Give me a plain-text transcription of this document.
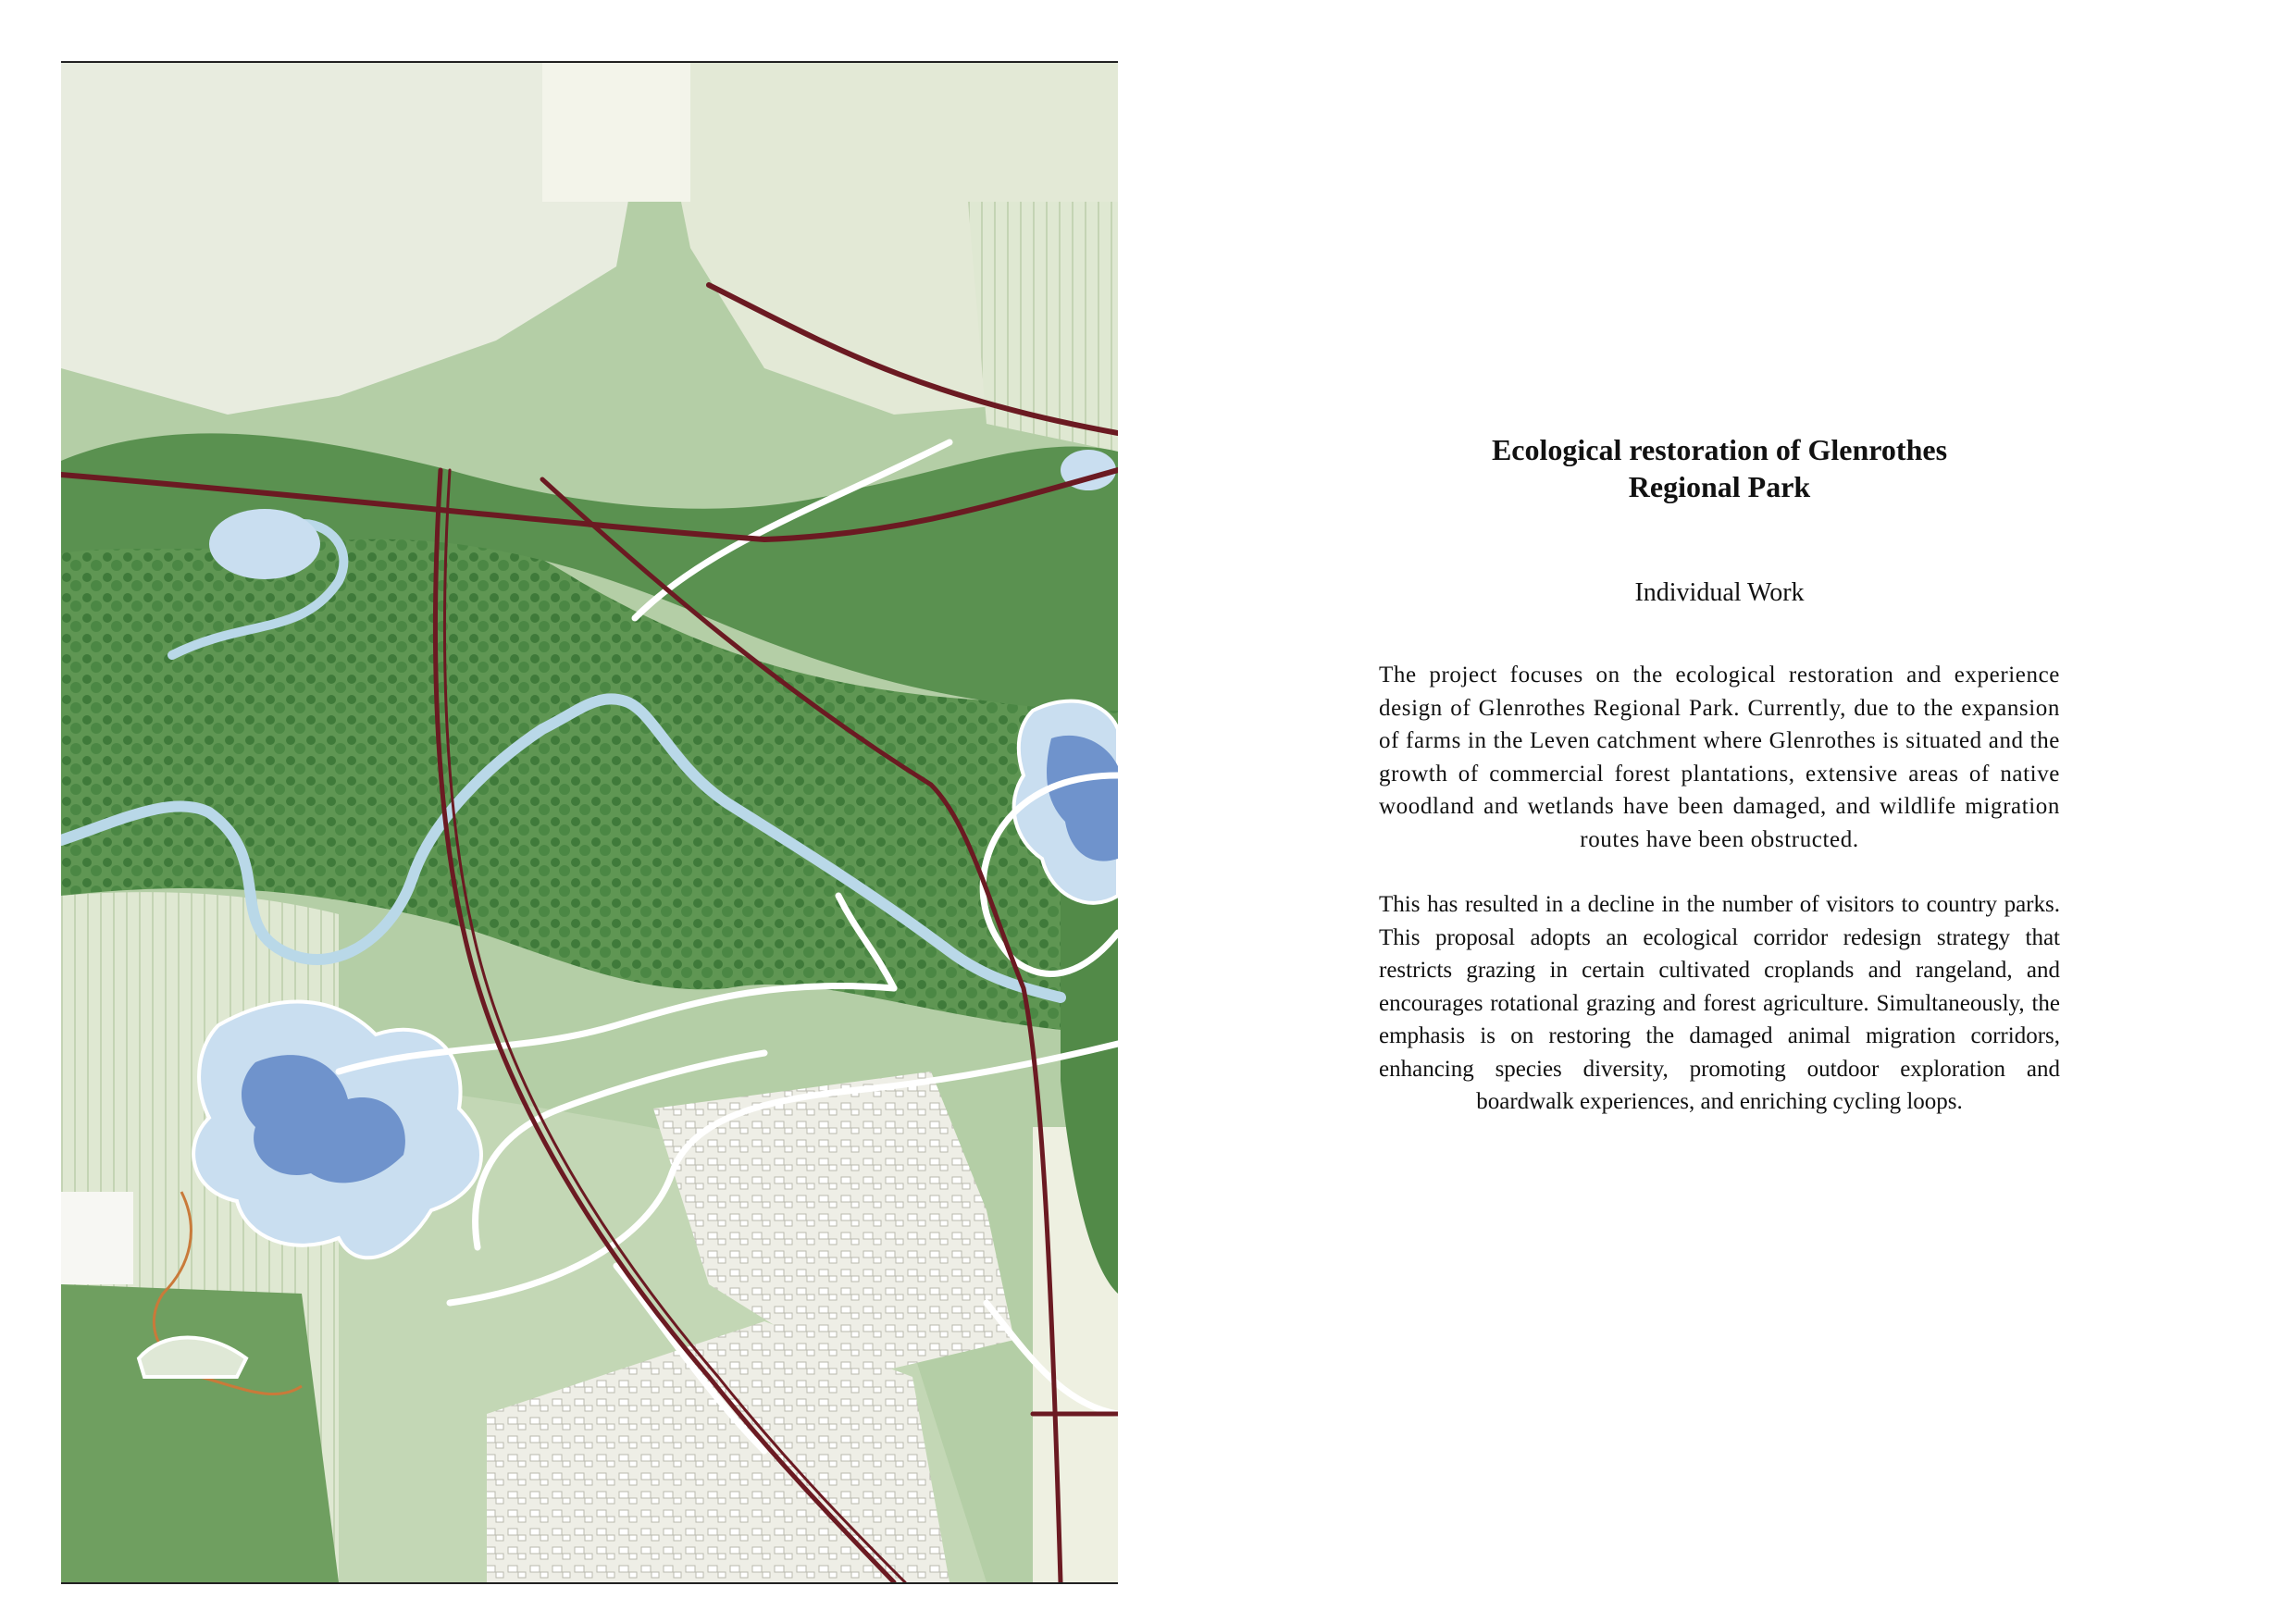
Ecological restoration of Glenrothes
Regional Park

Individual Work

The project focuses on the ecological restoration and experience design of Glenrothes Regional Park. Currently, due to the expansion of farms in the Leven catchment where Glenrothes is situated and the growth of commercial forest plantations, extensive areas of native woodland and wetlands have been damaged, and wildlife migration routes have been obstructed.

This has resulted in a decline in the number of visitors to country parks. This proposal adopts an ecological corridor redesign strategy that restricts grazing in certain cultivated croplands and rangeland, and encourages rotational grazing and forest agriculture. Simultaneously, the emphasis is on restoring the damaged animal migration corridors, enhancing species diversity, promoting outdoor exploration and boardwalk experiences, and enriching cycling loops.
